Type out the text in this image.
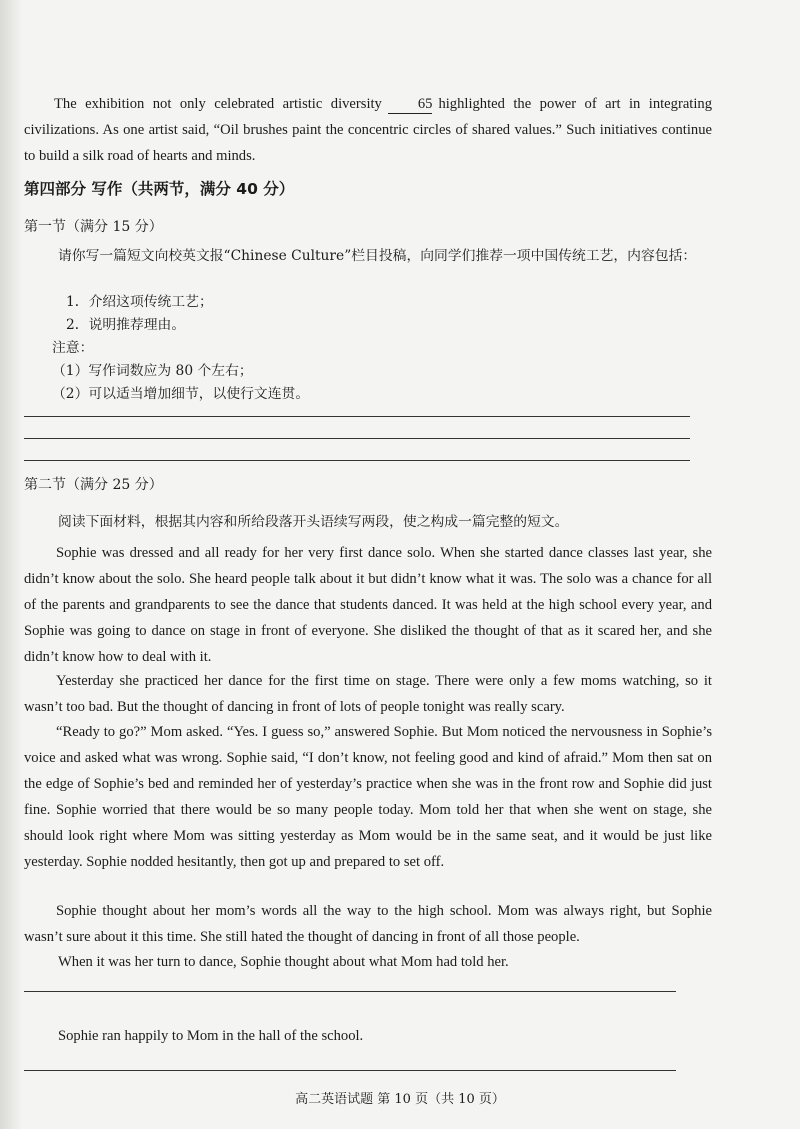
The exhibition not only celebrated artistic diversity 65 highlighted the power of art in integrating civilizations. As one artist said, “Oil brushes paint the concentric circles of shared values.” Such initiatives continue to build a silk road of hearts and minds.

第四部分 写作（共两节，满分 40 分）
第一节（满分 15 分）

请你写一篇短文向校英文报“Chinese Culture”栏目投稿，向同学们推荐一项中国传统工艺，内容包括：

1．介绍这项传统工艺；
2．说明推荐理由。
注意：
（1）写作词数应为 80 个左右；
（2）可以适当增加细节，以使行文连贯。
第二节（满分 25 分）
阅读下面材料，根据其内容和所给段落开头语续写两段，使之构成一篇完整的短文。

Sophie was dressed and all ready for her very first dance solo. When she started dance classes last year, she didn’t know about the solo. She heard people talk about it but didn’t know what it was. The solo was a chance for all of the parents and grandparents to see the dance that students danced. It was held at the high school every year, and Sophie was going to dance on stage in front of everyone. She disliked the thought of that as it scared her, and she didn’t know how to deal with it.

Yesterday she practiced her dance for the first time on stage. There were only a few moms watching, so it wasn’t too bad. But the thought of dancing in front of lots of people tonight was really scary.

“Ready to go?” Mom asked. “Yes. I guess so,” answered Sophie. But Mom noticed the nervousness in Sophie’s voice and asked what was wrong. Sophie said, “I don’t know, not feeling good and kind of afraid.” Mom then sat on the edge of Sophie’s bed and reminded her of yesterday’s practice when she was in the front row and Sophie did just fine. Sophie worried that there would be so many people today. Mom told her that when she went on stage, she should look right where Mom was sitting yesterday as Mom would be in the same seat, and it would be just like yesterday. Sophie nodded hesitantly, then got up and prepared to set off.

Sophie thought about her mom’s words all the way to the high school. Mom was always right, but Sophie wasn’t sure about it this time. She still hated the thought of dancing in front of all those people.

When it was her turn to dance, Sophie thought about what Mom had told her.
Sophie ran happily to Mom in the hall of the school.
高二英语试题 第 10 页（共 10 页）
